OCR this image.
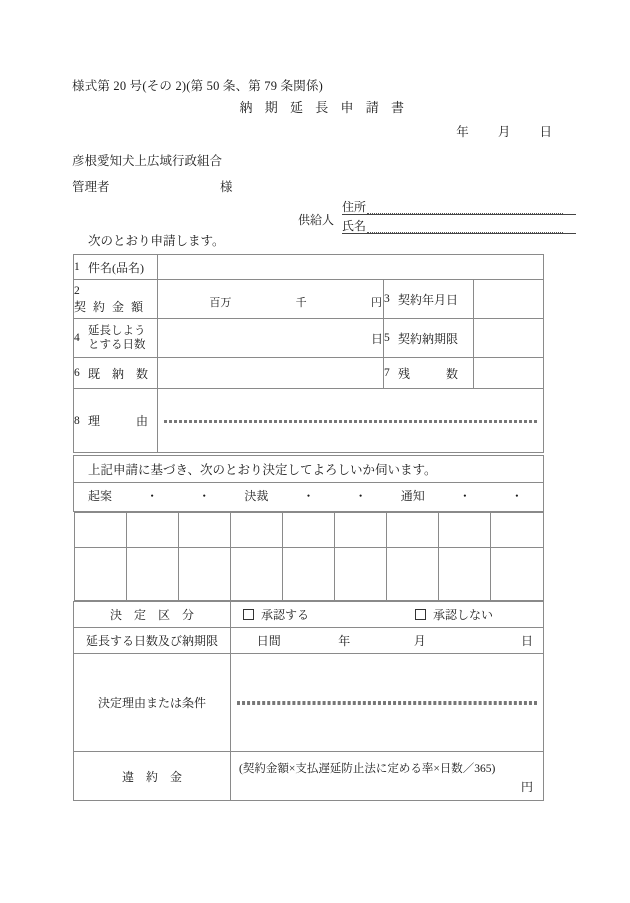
様式第 20 号(その 2)(第 50 条、第 79 条関係)
納 期 延 長 申 請 書
年 月 日
彦根愛知犬上広域行政組合
管理者	様
供給人
住所
氏名
次のとおり申請します。
1 件名(品名)			
2契 約 金 額	百万 千 円	3 契約年月日	
4延長しよう
とする日数	日	5 契約納期限	
6 既　納　数		7 残　　　数	
8 理　　　由			
上記申請に基づき、次のとおり決定してよろしいか伺います。

起案	・	・	決裁	・	・	通知	・	・

決　定　区　分	承認する	承認しない

延長する日数及び納期限	日間	年	月	日

決定理由または条件	

違　約　金	
(契約金額×支払遅延防止法に定める率×日数／365)
円
